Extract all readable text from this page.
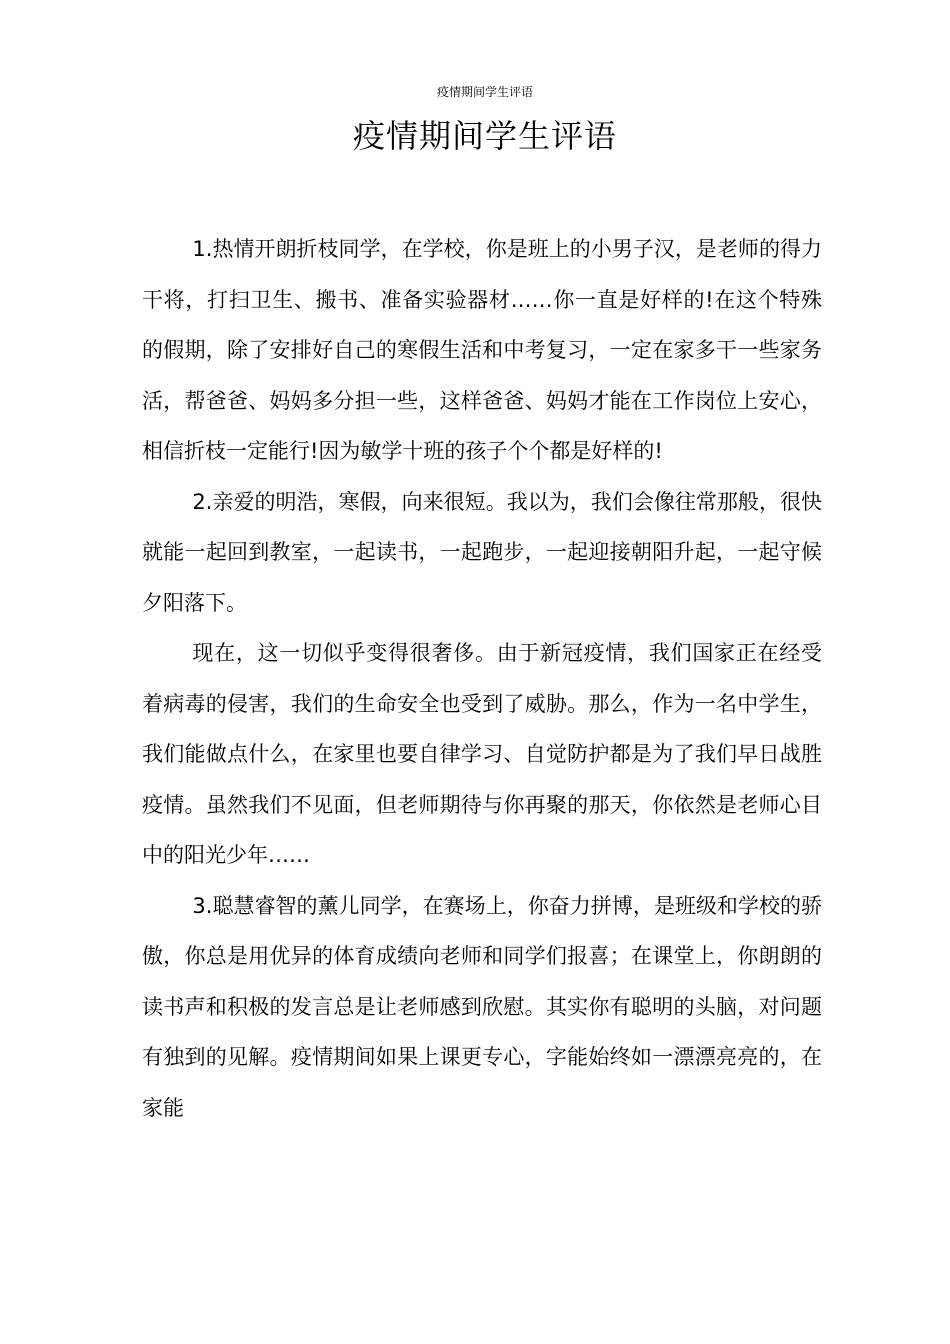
疫情期间学生评语
疫情期间学生评语

1.热情开朗折枝同学，在学校，你是班上的小男子汉，是老师的得力干将，打扫卫生、搬书、准备实验器材……你一直是好样的!在这个特殊的假期，除了安排好自己的寒假生活和中考复习，一定在家多干一些家务活，帮爸爸、妈妈多分担一些，这样爸爸、妈妈才能在工作岗位上安心，相信折枝一定能行!因为敏学十班的孩子个个都是好样的!

2.亲爱的明浩，寒假，向来很短。我以为，我们会像往常那般，很快就能一起回到教室，一起读书，一起跑步，一起迎接朝阳升起，一起守候夕阳落下。

现在，这一切似乎变得很奢侈。由于新冠疫情，我们国家正在经受着病毒的侵害，我们的生命安全也受到了威胁。那么，作为一名中学生，我们能做点什么，在家里也要自律学习、自觉防护都是为了我们早日战胜疫情。虽然我们不见面，但老师期待与你再聚的那天，你依然是老师心目中的阳光少年……

3.聪慧睿智的薰儿同学，在赛场上，你奋力拼博，是班级和学校的骄傲，你总是用优异的体育成绩向老师和同学们报喜；在课堂上，你朗朗的读书声和积极的发言总是让老师感到欣慰。其实你有聪明的头脑，对问题有独到的见解。疫情期间如果上课更专心，字能始终如一漂漂亮亮的，在家能
